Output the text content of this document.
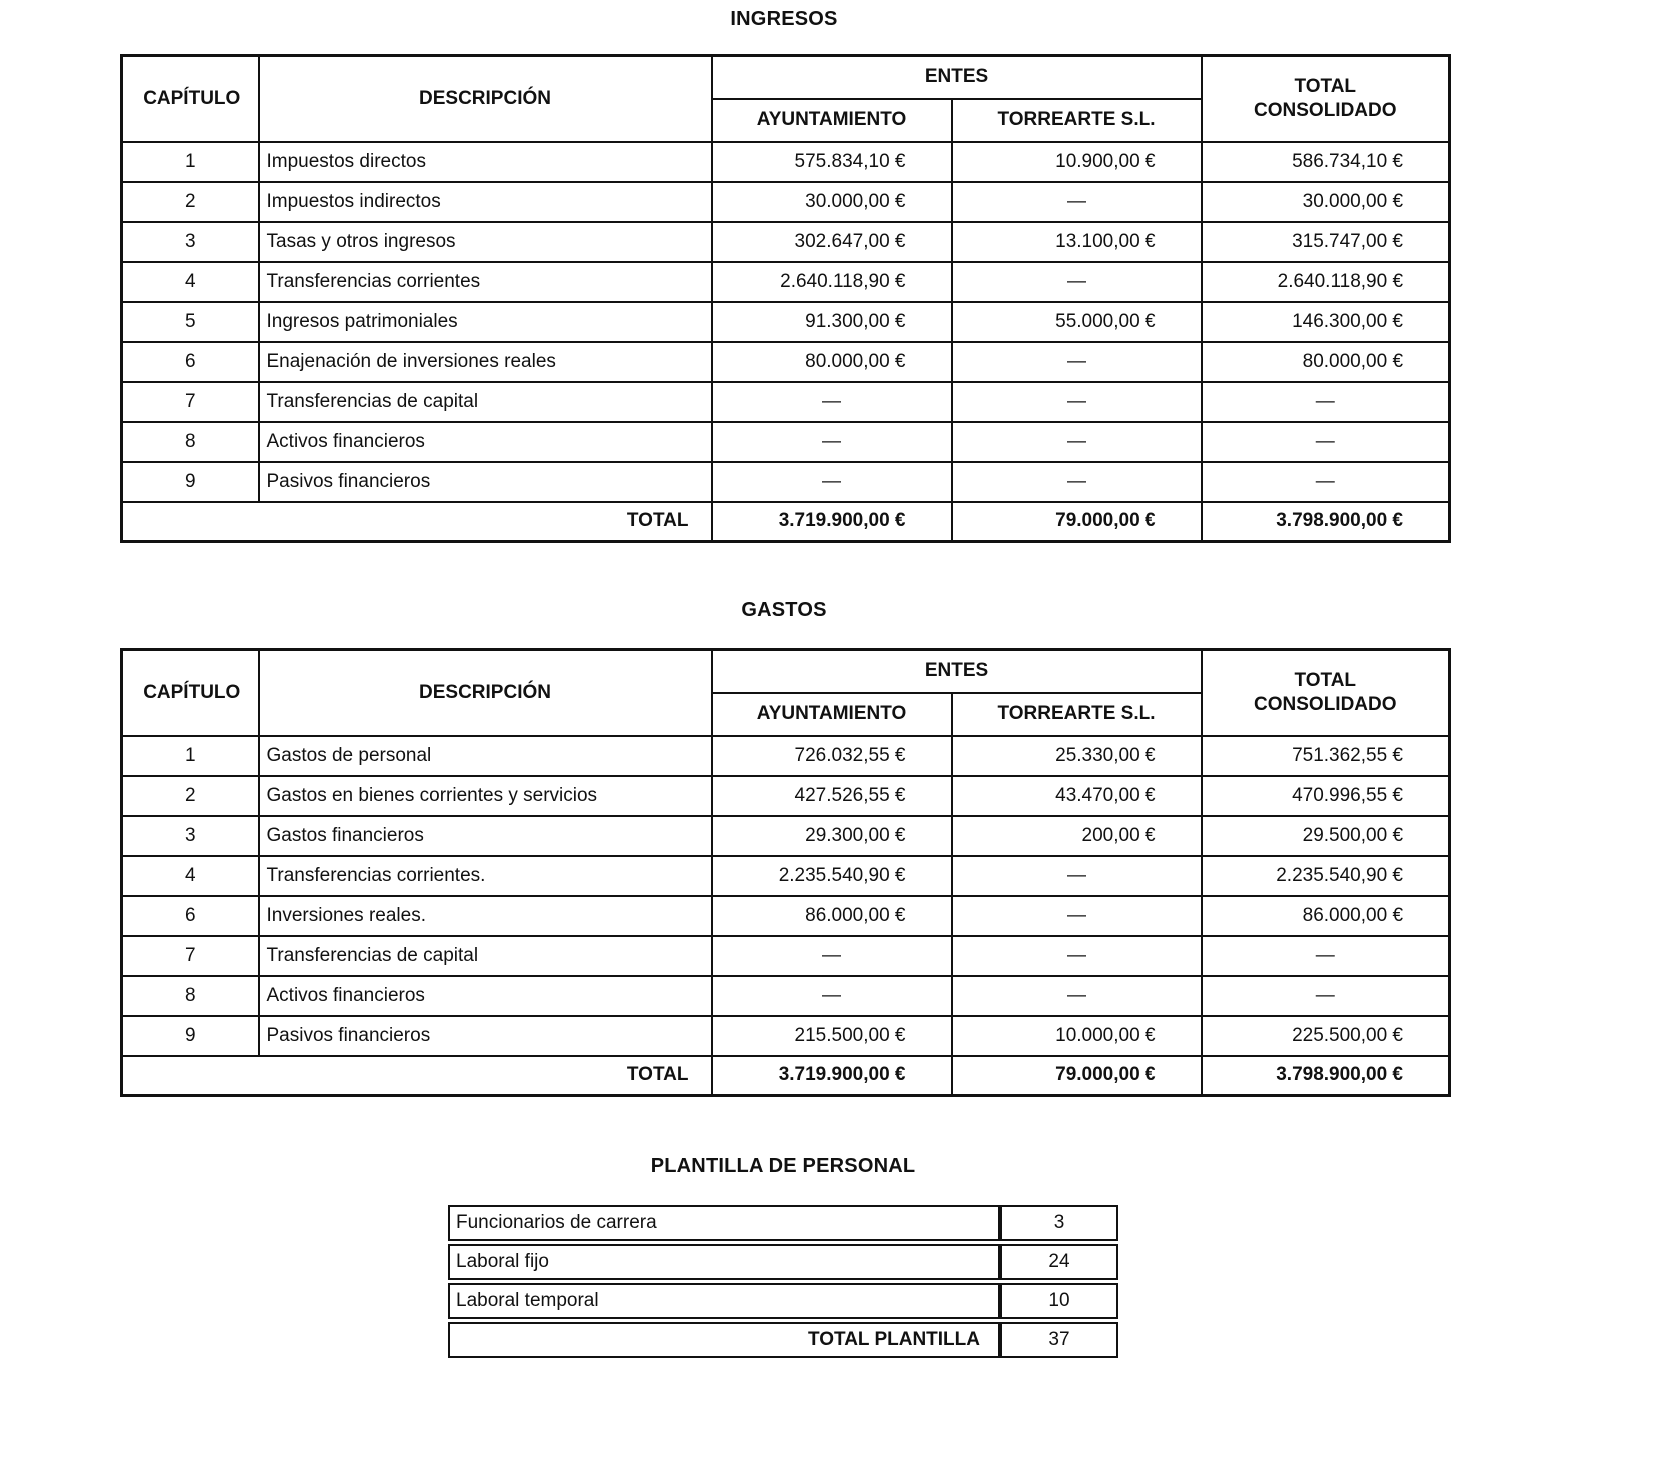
INGRESOS
CAPÍTULO	DESCRIPCIÓN	ENTES		TOTAL CONSOLIDADO
		AYUNTAMIENTO	TORREARTE S.L.	
1	Impuestos directos	575.834,10 €	10.900,00 €	586.734,10 €
2	Impuestos indirectos	30.000,00 €	—	30.000,00 €
3	Tasas y otros ingresos	302.647,00 €	13.100,00 €	315.747,00 €
4	Transferencias corrientes	2.640.118,90 €	—	2.640.118,90 €
5	Ingresos patrimoniales	91.300,00 €	55.000,00 €	146.300,00 €
6	Enajenación de inversiones reales	80.000,00 €	—	80.000,00 €
7	Transferencias de capital	—	—	—
8	Activos financieros	—	—	—
9	Pasivos financieros	—	—	—
TOTAL		3.719.900,00 €	79.000,00 €	3.798.900,00 €
GASTOS
CAPÍTULO	DESCRIPCIÓN	ENTES		TOTAL CONSOLIDADO
		AYUNTAMIENTO	TORREARTE S.L.	
1	Gastos de personal	726.032,55 €	25.330,00 €	751.362,55 €
2	Gastos en bienes corrientes y servicios	427.526,55 €	43.470,00 €	470.996,55 €
3	Gastos financieros	29.300,00 €	200,00 €	29.500,00 €
4	Transferencias corrientes.	2.235.540,90 €	—	2.235.540,90 €
6	Inversiones reales.	86.000,00 €	—	86.000,00 €
7	Transferencias de capital	—	—	—
8	Activos financieros	—	—	—
9	Pasivos financieros	215.500,00 €	10.000,00 €	225.500,00 €
TOTAL		3.719.900,00 €	79.000,00 €	3.798.900,00 €
PLANTILLA DE PERSONAL
Funcionarios de carrera	3
Laboral fijo	24
Laboral temporal	10
TOTAL PLANTILLA	37
